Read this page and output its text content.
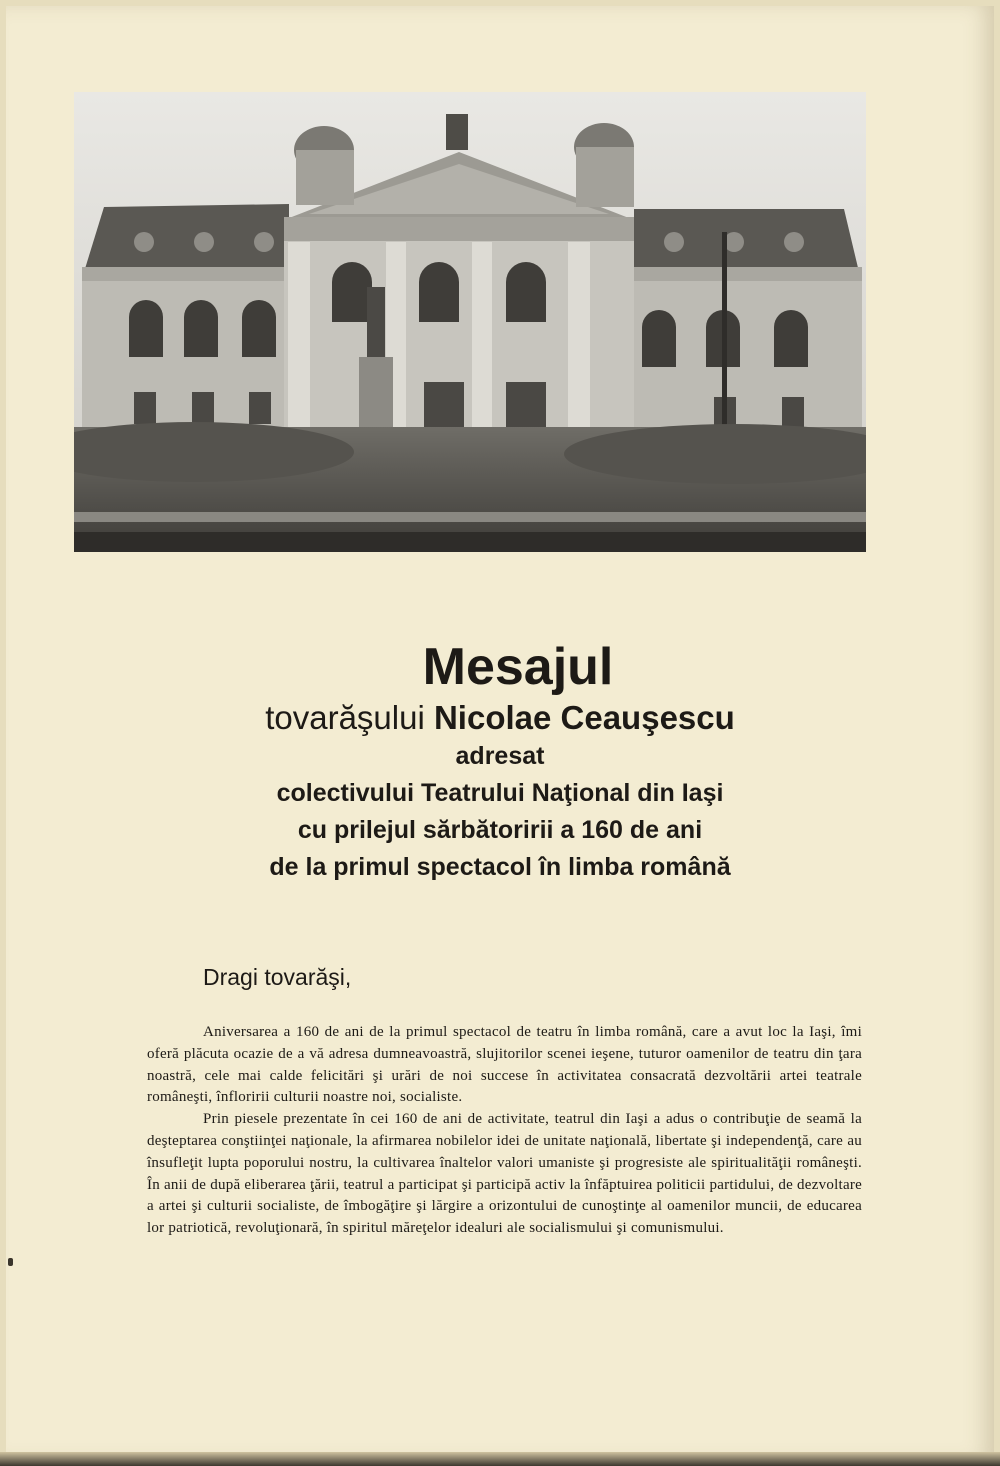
Mesajul
tovarăşului Nicolae Ceauşescu
adresat
colectivului Teatrului Naţional din Iaşi
cu prilejul sărbătoririi a 160 de ani
de la primul spectacol în limba română
Dragi tovarăşi,

Aniversarea a 160 de ani de la primul spectacol de teatru în limba română, care a avut loc la Iaşi, îmi oferă plăcuta ocazie de a vă adresa dumneavoastră, slujitorilor scenei ieşene, tuturor oamenilor de teatru din ţara noastră, cele mai calde felicitări şi urări de noi succese în activitatea consacrată dezvoltării artei teatrale româneşti, înfloririi culturii noastre noi, socialiste.

Prin piesele prezentate în cei 160 de ani de activitate, teatrul din Iaşi a adus o contribuţie de seamă la deşteptarea conştiinţei naţionale, la afirmarea nobilelor idei de unitate naţională, libertate şi independenţă, care au însufleţit lupta poporului nostru, la cultivarea înaltelor valori umaniste şi progresiste ale spiritualităţii româneşti. În anii de după eliberarea ţării, teatrul a participat şi participă activ la înfăptuirea politicii partidului, de dezvoltare a artei şi culturii socialiste, de îmbogăţire şi lărgire a orizontului de cunoştinţe al oamenilor muncii, de educarea lor patriotică, revoluţionară, în spiritul măreţelor idealuri ale socialismului şi comunismului.
